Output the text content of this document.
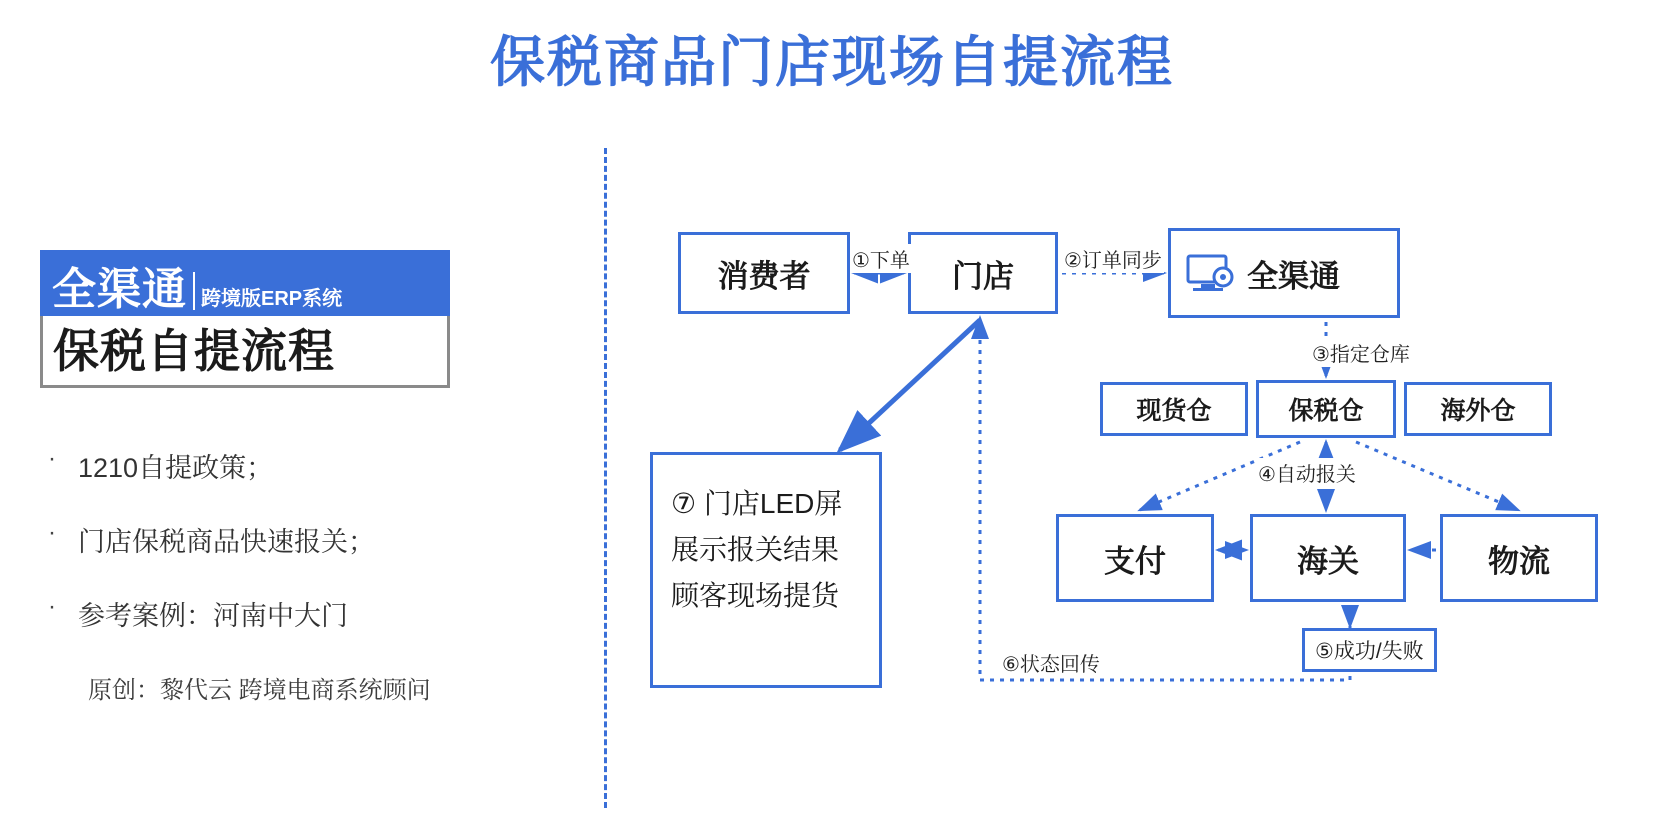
保税商品门店现场自提流程
全渠通 跨境版ERP系统
保税自提流程
· 1210自提政策；
· 门店保税商品快速报关；
· 参考案例：河南中大门
原创：黎代云 跨境电商系统顾问
消费者	门店	全渠通
现货仓	保税仓	海外仓
支付	海关	物流
⑦ 门店LED屏
展示报关结果
顾客现场提货
①下单	②订单同步
③指定仓库
④自动报关
⑤成功/失败
⑥状态回传
